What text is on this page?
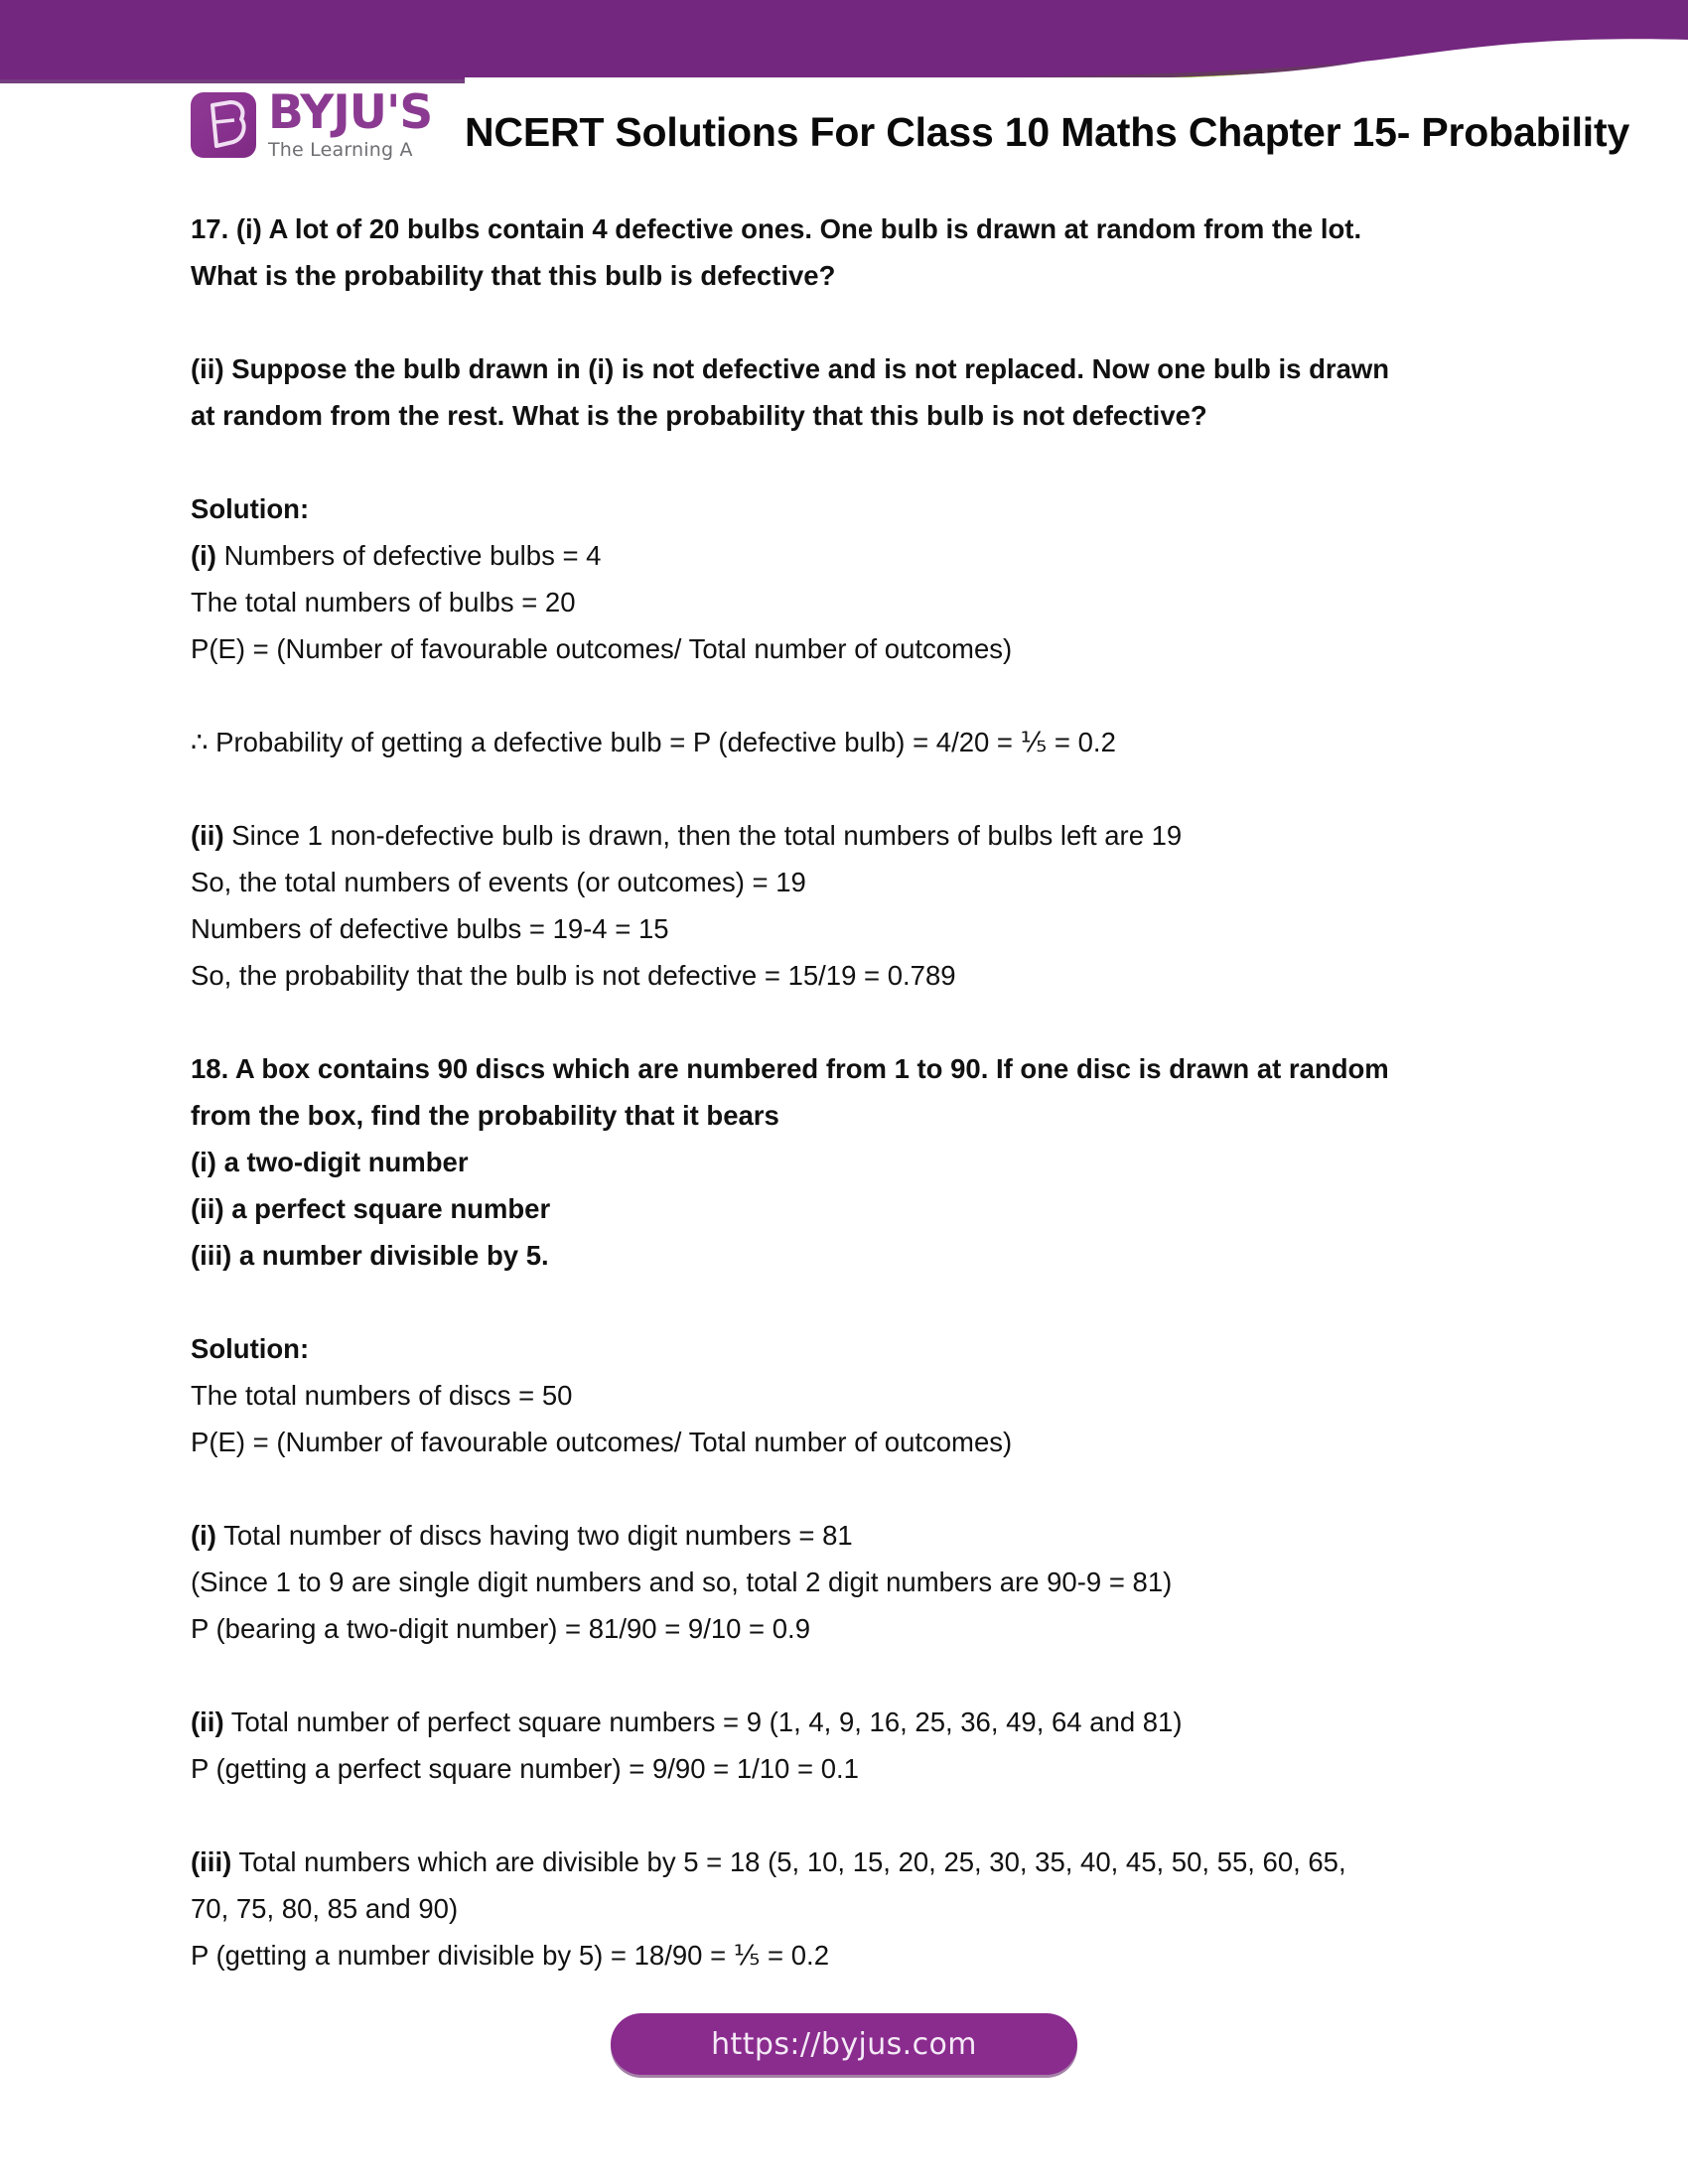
BYJU'S
The Learning A	NCERT Solutions For Class 10 Maths Chapter 15- Probability
17. (i) A lot of 20 bulbs contain 4 defective ones. One bulb is drawn at random from the lot.
What is the probability that this bulb is defective?
(ii) Suppose the bulb drawn in (i) is not defective and is not replaced. Now one bulb is drawn
at random from the rest. What is the probability that this bulb is not defective?
Solution:
(i) Numbers of defective bulbs = 4
The total numbers of bulbs = 20
P(E) = (Number of favourable outcomes/ Total number of outcomes)
∴ Probability of getting a defective bulb = P (defective bulb) = 4/20 = ⅕ = 0.2
(ii) Since 1 non-defective bulb is drawn, then the total numbers of bulbs left are 19
So, the total numbers of events (or outcomes) = 19
Numbers of defective bulbs = 19-4 = 15
So, the probability that the bulb is not defective = 15/19 = 0.789
18. A box contains 90 discs which are numbered from 1 to 90. If one disc is drawn at random
from the box, find the probability that it bears
(i) a two-digit number
(ii) a perfect square number
(iii) a number divisible by 5.
Solution:
The total numbers of discs = 50
P(E) = (Number of favourable outcomes/ Total number of outcomes)
(i) Total number of discs having two digit numbers = 81
(Since 1 to 9 are single digit numbers and so, total 2 digit numbers are 90-9 = 81)
P (bearing a two-digit number) = 81/90 = 9/10 = 0.9
(ii) Total number of perfect square numbers = 9 (1, 4, 9, 16, 25, 36, 49, 64 and 81)
P (getting a perfect square number) = 9/90 = 1/10 = 0.1
(iii) Total numbers which are divisible by 5 = 18 (5, 10, 15, 20, 25, 30, 35, 40, 45, 50, 55, 60, 65,
70, 75, 80, 85 and 90)
P (getting a number divisible by 5) = 18/90 = ⅕ = 0.2
https://byjus.com
